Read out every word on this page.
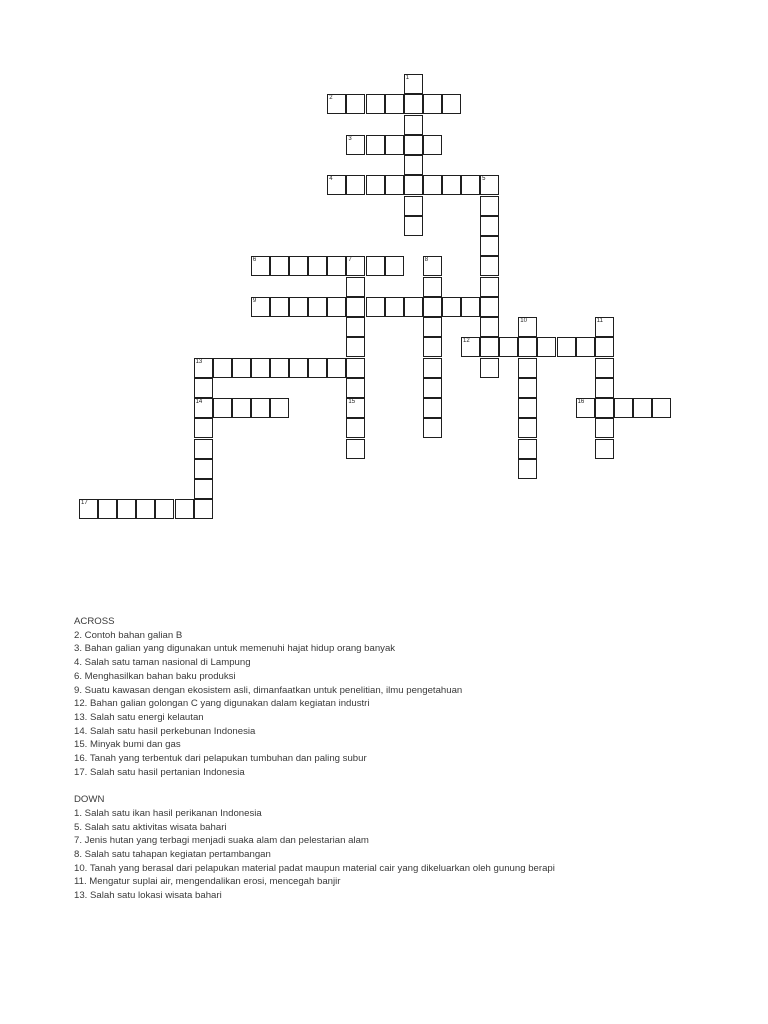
1
2
3
4	5
6	7
15
8
9
10	11
12
13
14	16
17
ACROSS
2. Contoh bahan galian B
3. Bahan galian yang digunakan untuk memenuhi hajat hidup orang banyak
4. Salah satu taman nasional di Lampung
6. Menghasilkan bahan baku produksi
9. Suatu kawasan dengan ekosistem asli, dimanfaatkan untuk penelitian, ilmu pengetahuan
12. Bahan galian golongan C yang digunakan dalam kegiatan industri
13. Salah satu energi kelautan
14. Salah satu hasil perkebunan Indonesia
15. Minyak bumi dan gas
16. Tanah yang terbentuk dari pelapukan tumbuhan dan paling subur
17. Salah satu hasil pertanian Indonesia
DOWN
1. Salah satu ikan hasil perikanan Indonesia
5. Salah satu aktivitas wisata bahari
7. Jenis hutan yang terbagi menjadi suaka alam dan pelestarian alam
8. Salah satu tahapan kegiatan pertambangan
10. Tanah yang berasal dari pelapukan material padat maupun material cair yang dikeluarkan oleh gunung berapi
11. Mengatur suplai air, mengendalikan erosi, mencegah banjir
13. Salah satu lokasi wisata bahari
